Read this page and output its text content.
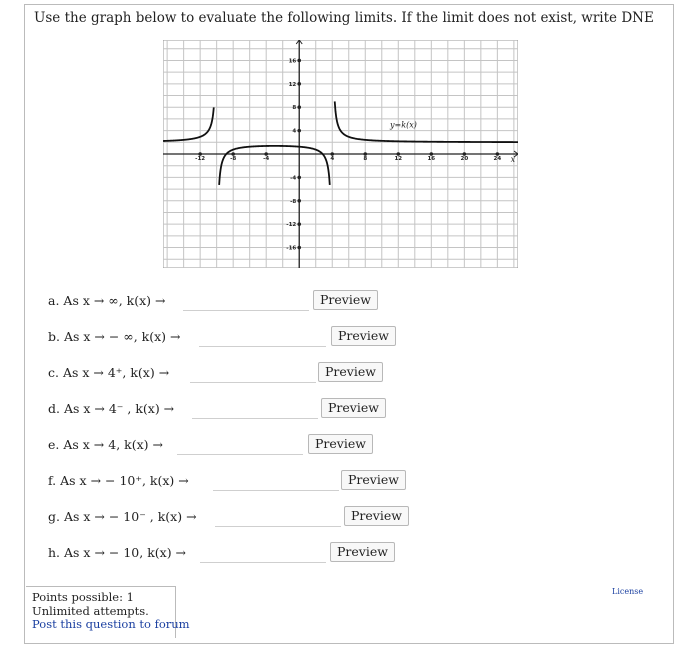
Use the graph below to evaluate the following limits. If the limit does not exist, write DNE
-12	-8	-4	4	8	12	16	20	24
16
12
8
4
-4
-8
-12
-16
x
y=k(x)
a.
As x → ∞, k(x) →	Preview
b.
As x → − ∞, k(x) →	Preview
c.
As x → 4⁺, k(x) →	Preview
d.
As x → 4⁻ , k(x) →	Preview
e.
As x → 4, k(x) →	Preview
f.
As x → − 10⁺, k(x) →	Preview
g.
As x → − 10⁻ , k(x) →	Preview
h.
As x → − 10, k(x) →	Preview
Points possible: 1
Unlimited attempts.
Post this question to forum
License
